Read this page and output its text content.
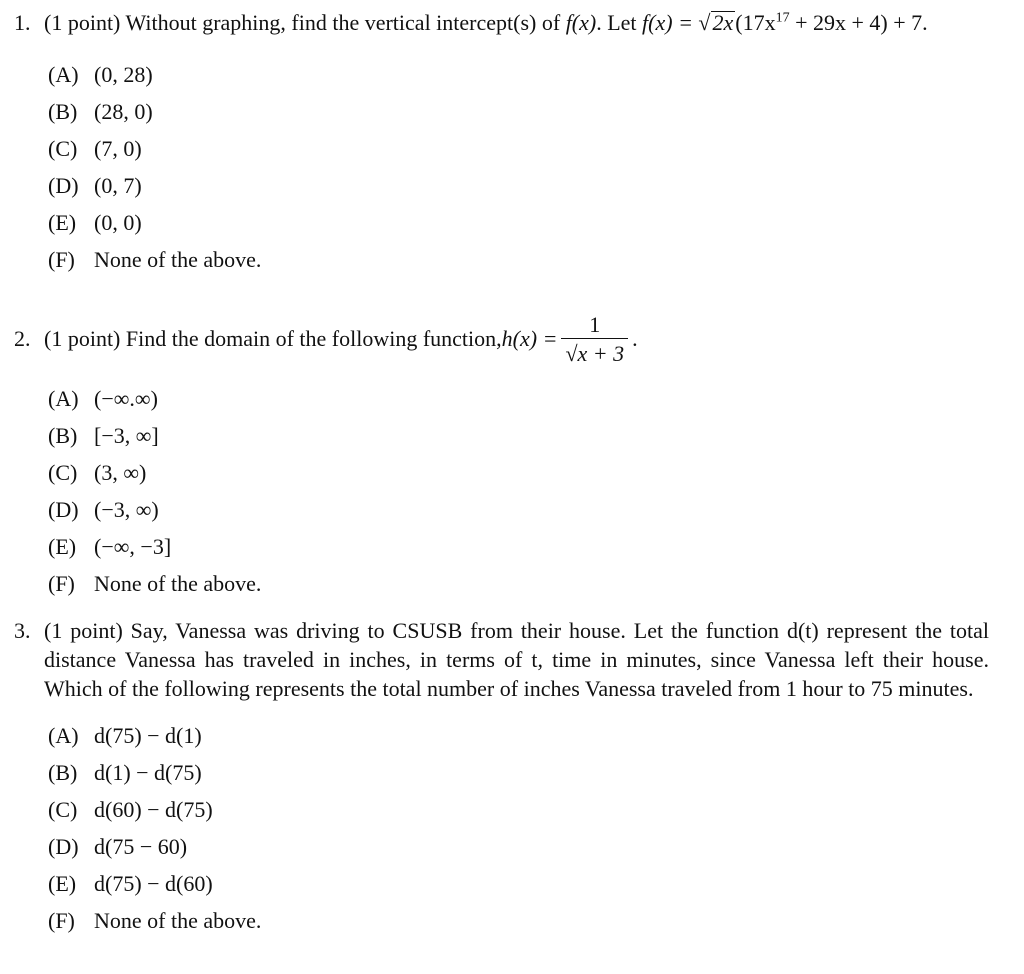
1. (1 point) Without graphing, find the vertical intercept(s) of f(x). Let $f(x) = √2x(17x^{17} + 29x + 4) + 7$.
(A) (0, 28)
(B) (28, 0)
(C) (7, 0)
(D) (0, 7)
(E) (0, 0)
(F) None of the above.
2. (1 point) Find the domain of the following function, $h(x) = \frac{1}{√x + 3}$ .
(A) (−∞.∞)
(B) [−3, ∞]
(C) (3, ∞)
(D) (−3, ∞)
(E) (−∞, −3]
(F) None of the above.
3. (1 point) Say, Vanessa was driving to CSUSB from their house. Let the function d(t) represent the total distance Vanessa has traveled in inches, in terms of t, time in minutes, since Vanessa left their house. Which of the following represents the total number of inches Vanessa traveled from 1 hour to 75 minutes.
(A) d(75) − d(1)
(B) d(1) − d(75)
(C) d(60) − d(75)
(D) d(75 − 60)
(E) d(75) − d(60)
(F) None of the above.
